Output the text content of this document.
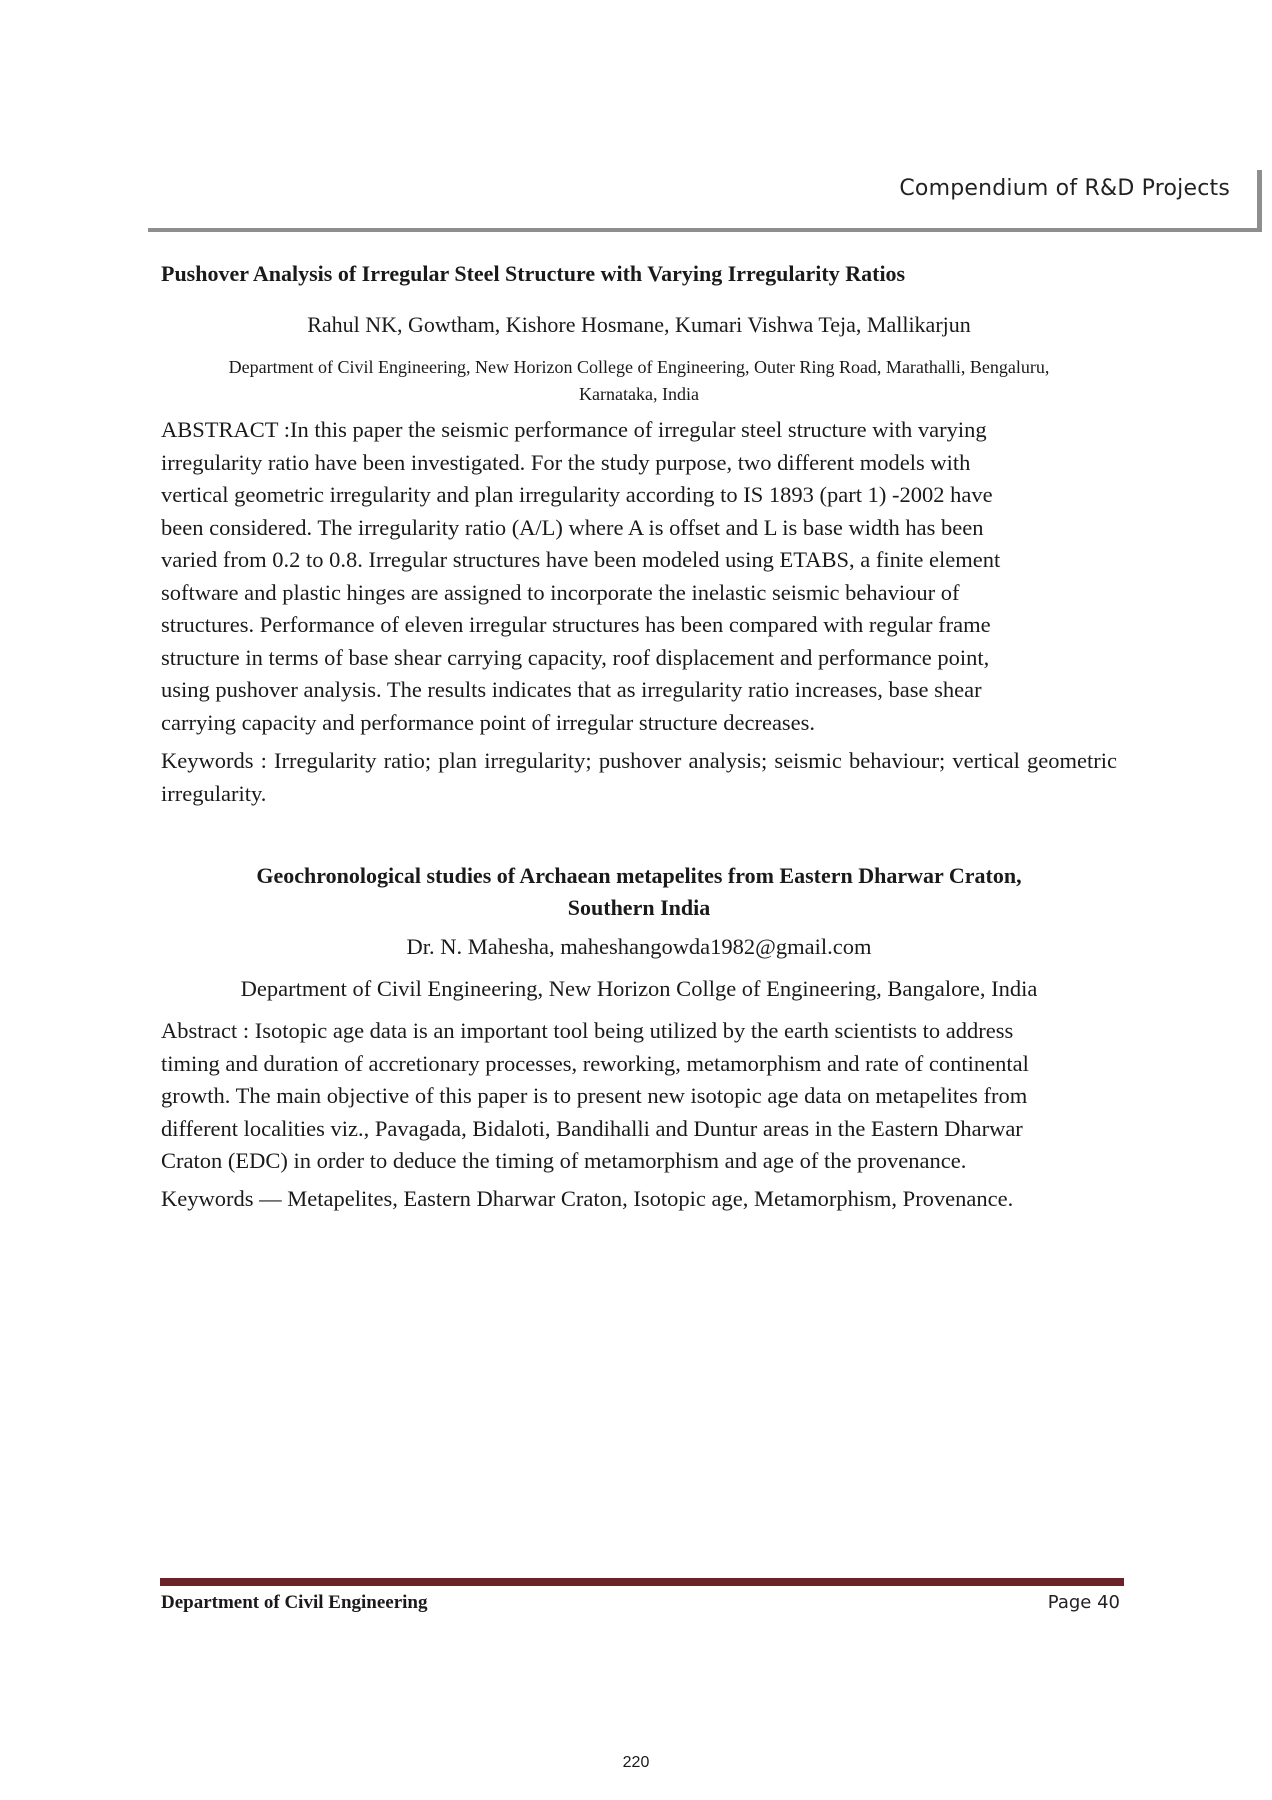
Compendium of R&D Projects
Pushover Analysis of Irregular Steel Structure with Varying Irregularity Ratios
Rahul NK, Gowtham, Kishore Hosmane, Kumari Vishwa Teja, Mallikarjun
Department of Civil Engineering, New Horizon College of Engineering, Outer Ring Road, Marathalli, Bengaluru,
Karnataka, India
ABSTRACT :In this paper the seismic performance of irregular steel structure with varying
irregularity ratio have been investigated. For the study purpose, two different models with
vertical geometric irregularity and plan irregularity according to IS 1893 (part 1) -2002 have
been considered. The irregularity ratio (A/L) where A is offset and L is base width has been
varied from 0.2 to 0.8. Irregular structures have been modeled using ETABS, a finite element
software and plastic hinges are assigned to incorporate the inelastic seismic behaviour of
structures. Performance of eleven irregular structures has been compared with regular frame
structure in terms of base shear carrying capacity, roof displacement and performance point,
using pushover analysis. The results indicates that as irregularity ratio increases, base shear
carrying capacity and performance point of irregular structure decreases.
Keywords : Irregularity ratio; plan irregularity; pushover analysis; seismic behaviour; vertical geometric irregularity.
Geochronological studies of Archaean metapelites from Eastern Dharwar Craton,
Southern India
Dr. N. Mahesha, maheshangowda1982@gmail.com
Department of Civil Engineering, New Horizon Collge of Engineering, Bangalore, India
Abstract : Isotopic age data is an important tool being utilized by the earth scientists to address
timing and duration of accretionary processes, reworking, metamorphism and rate of continental
growth. The main objective of this paper is to present new isotopic age data on metapelites from
different localities viz., Pavagada, Bidaloti, Bandihalli and Duntur areas in the Eastern Dharwar
Craton (EDC) in order to deduce the timing of metamorphism and age of the provenance.
Keywords — Metapelites, Eastern Dharwar Craton, Isotopic age, Metamorphism, Provenance.
Department of Civil Engineering	Page 40
220
